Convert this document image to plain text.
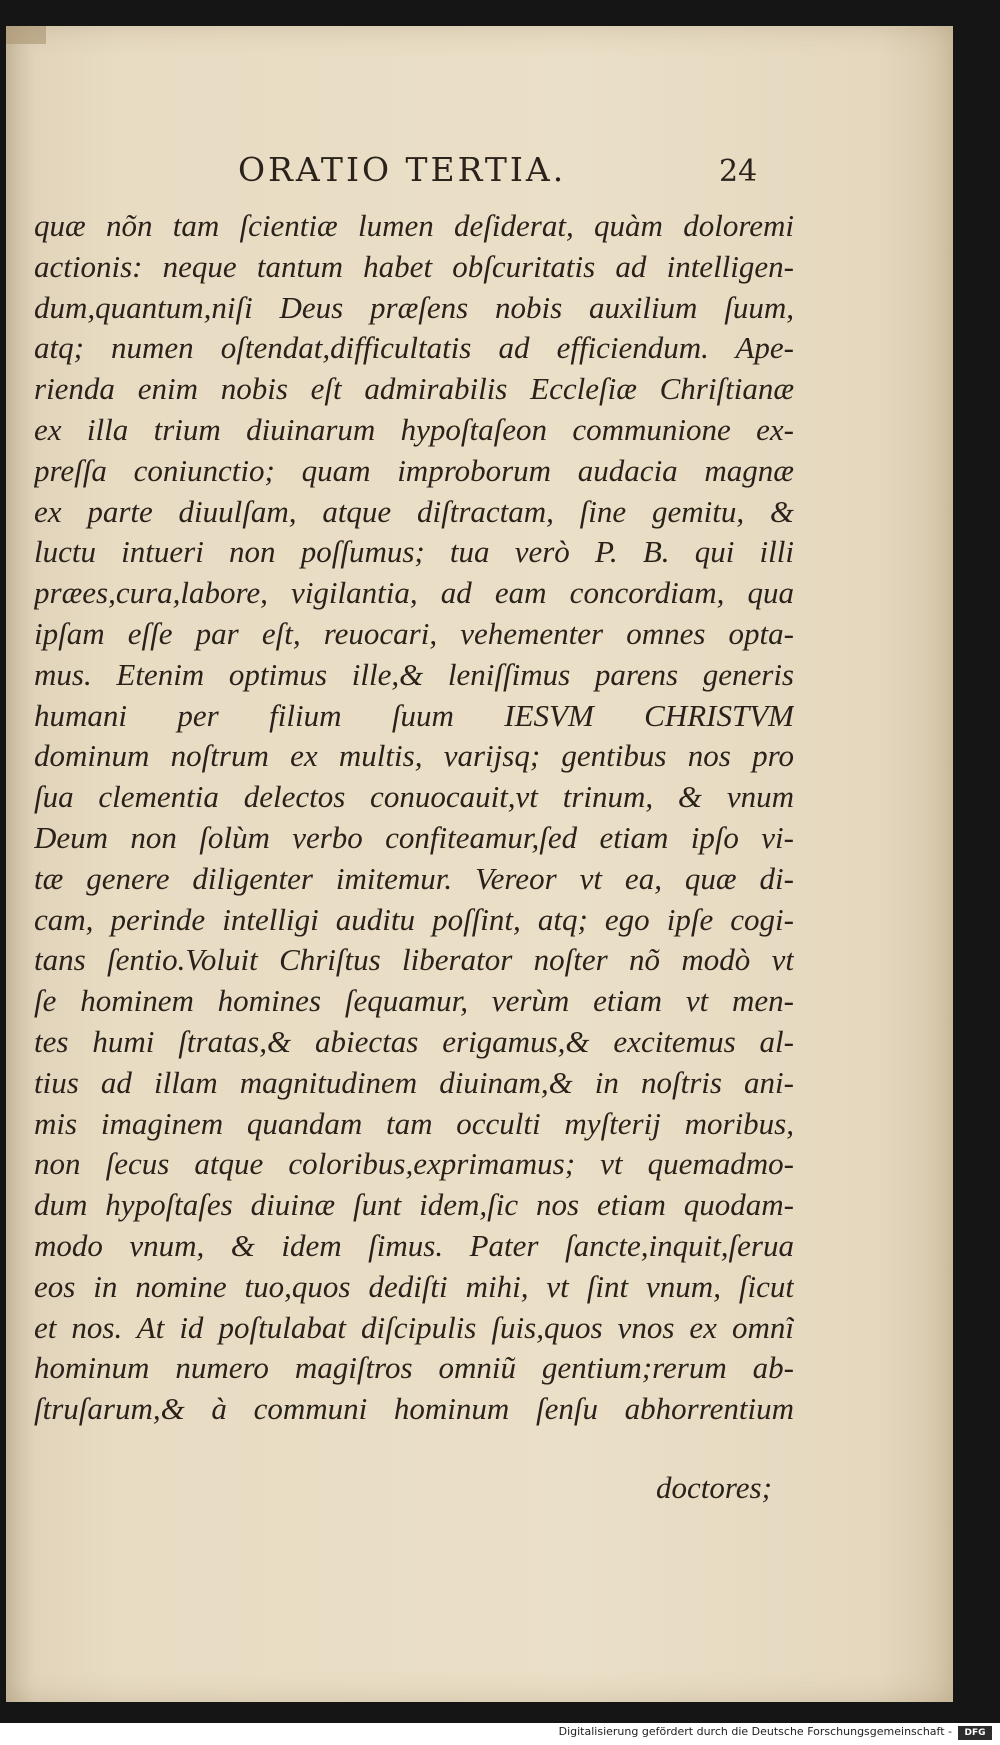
ORATIO TERTIA.	24
quæ nõn tam ſcientiæ lumen deſiderat, quàm doloremi
actionis: neque tantum habet obſcuritatis ad intelligen-
dum,quantum,niſi Deus præſens nobis auxilium ſuum,
atq; numen oſtendat,difficultatis ad efficiendum. Ape-
rienda enim nobis eſt admirabilis Eccleſiæ Chriſtianæ
ex illa trium diuinarum hypoſtaſeon communione ex-
preſſa coniunctio; quam improborum audacia magnæ
ex parte diuulſam, atque diſtractam, ſine gemitu, &
luctu intueri non poſſumus; tua verò P. B. qui illi
præes,cura,labore, vigilantia, ad eam concordiam, qua
ipſam eſſe par eſt, reuocari, vehementer omnes opta-
mus. Etenim optimus ille,& leniſſimus parens generis
humani per filium ſuum IESVM CHRISTVM
dominum noſtrum ex multis, varijsq; gentibus nos pro
ſua clementia delectos conuocauit,vt trinum, & vnum
Deum non ſolùm verbo confiteamur,ſed etiam ipſo vi-
tæ genere diligenter imitemur. Vereor vt ea, quæ di-
cam, perinde intelligi auditu poſſint, atq; ego ipſe cogi-
tans ſentio.Voluit Chriſtus liberator noſter nõ modò vt
ſe hominem homines ſequamur, verùm etiam vt men-
tes humi ſtratas,& abiectas erigamus,& excitemus al-
tius ad illam magnitudinem diuinam,& in noſtris ani-
mis imaginem quandam tam occulti myſterij moribus,
non ſecus atque coloribus,exprimamus; vt quemadmo-
dum hypoſtaſes diuinæ ſunt idem,ſic nos etiam quodam-
modo vnum, & idem ſimus. Pater ſancte,inquit,ſerua
eos in nomine tuo,quos dediſti mihi, vt ſint vnum, ſicut
et nos. At id poſtulabat diſcipulis ſuis,quos vnos ex omnĩ
hominum numero magiſtros omniũ gentium;rerum ab-
ſtruſarum,& à communi hominum ſenſu abhorrentium
doctores;
Digitalisierung gefördert durch die Deutsche Forschungsgemeinschaft -	DFG
